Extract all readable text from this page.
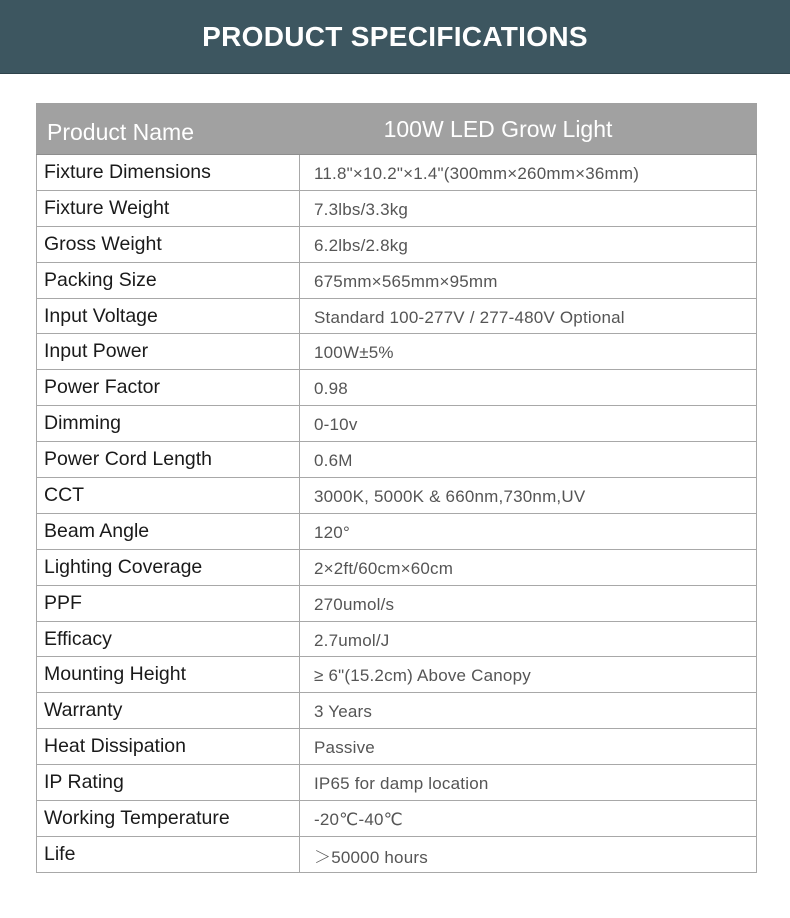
PRODUCT SPECIFICATIONS
Product Name	100W LED Grow Light
Fixture Dimensions	11.8"×10.2"×1.4"(300mm×260mm×36mm)
Fixture Weight	7.3lbs/3.3kg
Gross Weight	6.2lbs/2.8kg
Packing Size	675mm×565mm×95mm
Input Voltage	Standard 100-277V / 277-480V Optional
Input Power	100W±5%
Power Factor	0.98
Dimming	0-10v
Power Cord Length	0.6M
CCT	3000K, 5000K & 660nm,730nm,UV
Beam Angle	120°
Lighting Coverage	2×2ft/60cm×60cm
PPF	270umol/s
Efficacy	2.7umol/J
Mounting Height	≥ 6"(15.2cm) Above Canopy
Warranty	3 Years
Heat Dissipation	Passive
IP Rating	IP65 for damp location
Working Temperature	-20℃-40℃
Life	＞50000 hours
